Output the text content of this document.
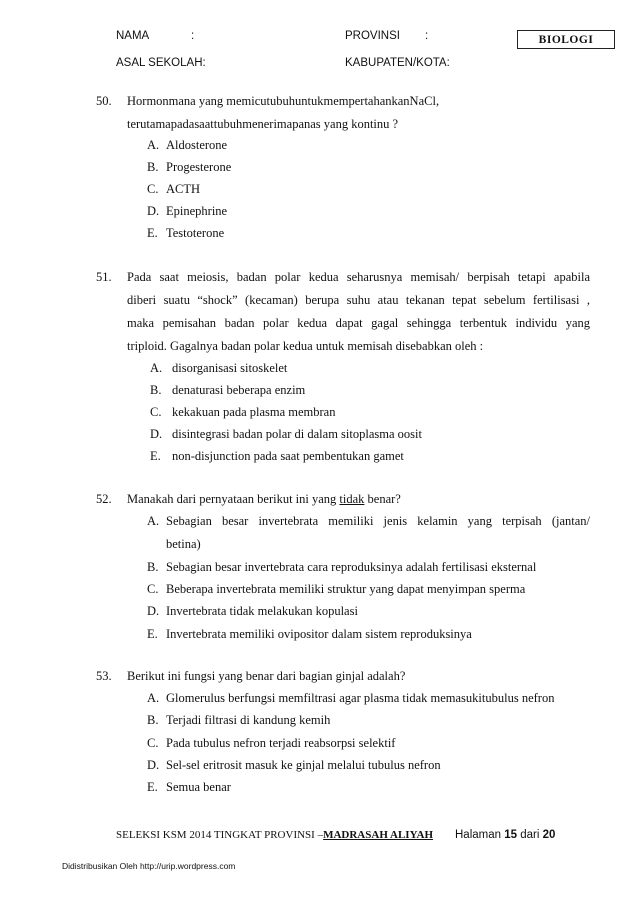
NAMA	:	PROVINSI :
ASAL SEKOLAH:	KABUPATEN/KOTA:
BIOLOGI
50. Hormonmana yang memicutubuhuntukmempertahankanNaCl,
terutamapadasaattubuhmenerimapanas yang kontinu ?
A. Aldosterone
B. Progesterone
C. ACTH
D. Epinephrine
E. Testoterone
51. Pada saat meiosis, badan polar kedua seharusnya memisah/ berpisah tetapi apabila
diberi suatu “shock” (kecaman) berupa suhu atau tekanan tepat sebelum fertilisasi ,
maka pemisahan badan polar kedua dapat gagal sehingga terbentuk individu yang
triploid. Gagalnya badan polar kedua untuk memisah disebabkan oleh :
A. disorganisasi sitoskelet
B. denaturasi beberapa enzim
C. kekakuan pada plasma membran
D. disintegrasi badan polar di dalam sitoplasma oosit
E. non-disjunction pada saat pembentukan gamet
52. Manakah dari pernyataan berikut ini yang tidak benar?
A. Sebagian besar invertebrata memiliki jenis kelamin yang terpisah (jantan/
betina)
B. Sebagian besar invertebrata cara reproduksinya adalah fertilisasi eksternal
C. Beberapa invertebrata memiliki struktur yang dapat menyimpan sperma
D. Invertebrata tidak melakukan kopulasi
E. Invertebrata memiliki ovipositor dalam sistem reproduksinya
53. Berikut ini fungsi yang benar dari bagian ginjal adalah?
A. Glomerulus berfungsi memfiltrasi agar plasma tidak memasukitubulus nefron
B. Terjadi filtrasi di kandung kemih
C. Pada tubulus nefron terjadi reabsorpsi selektif
D. Sel-sel eritrosit masuk ke ginjal melalui tubulus nefron
E. Semua benar
SELEKSI KSM 2014 TINGKAT PROVINSI –MADRASAH ALIYAH Halaman 15 dari 20
Didistribusikan Oleh http://urip.wordpress.com
